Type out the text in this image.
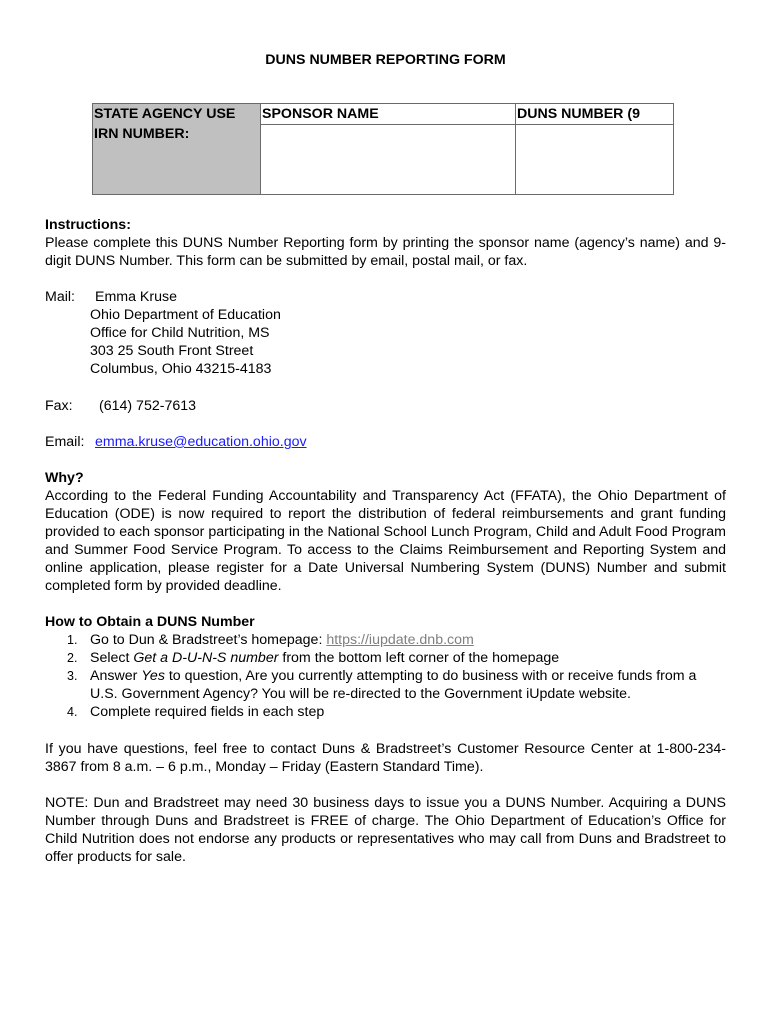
DUNS NUMBER REPORTING FORM
STATE AGENCY USE
IRN NUMBER:	SPONSOR NAME	DUNS NUMBER (9

Instructions:
Please complete this DUNS Number Reporting form by printing the sponsor name (agency’s name) and 9-digit DUNS Number. This form can be submitted by email, postal mail, or fax.
Mail: Emma Kruse
Ohio Department of Education
Office for Child Nutrition, MS
303 25 South Front Street
Columbus, Ohio 43215-4183
Fax: (614) 752-7613
Email: emma.kruse@education.ohio.gov
Why?
According to the Federal Funding Accountability and Transparency Act (FFATA), the Ohio Department of Education (ODE) is now required to report the distribution of federal reimbursements and grant funding provided to each sponsor participating in the National School Lunch Program, Child and Adult Food Program and Summer Food Service Program. To access to the Claims Reimbursement and Reporting System and online application, please register for a Date Universal Numbering System (DUNS) Number and submit completed form by provided deadline.
How to Obtain a DUNS Number
1. Go to Dun & Bradstreet’s homepage: https://iupdate.dnb.com
2. Select Get a D-U-N-S number from the bottom left corner of the homepage
3. Answer Yes to question, Are you currently attempting to do business with or receive funds from a U.S. Government Agency? You will be re-directed to the Government iUpdate website.
4. Complete required fields in each step
If you have questions, feel free to contact Duns & Bradstreet’s Customer Resource Center at 1-800-234-3867 from 8 a.m. – 6 p.m., Monday – Friday (Eastern Standard Time).
NOTE: Dun and Bradstreet may need 30 business days to issue you a DUNS Number. Acquiring a DUNS Number through Duns and Bradstreet is FREE of charge. The Ohio Department of Education’s Office for Child Nutrition does not endorse any products or representatives who may call from Duns and Bradstreet to offer products for sale.
